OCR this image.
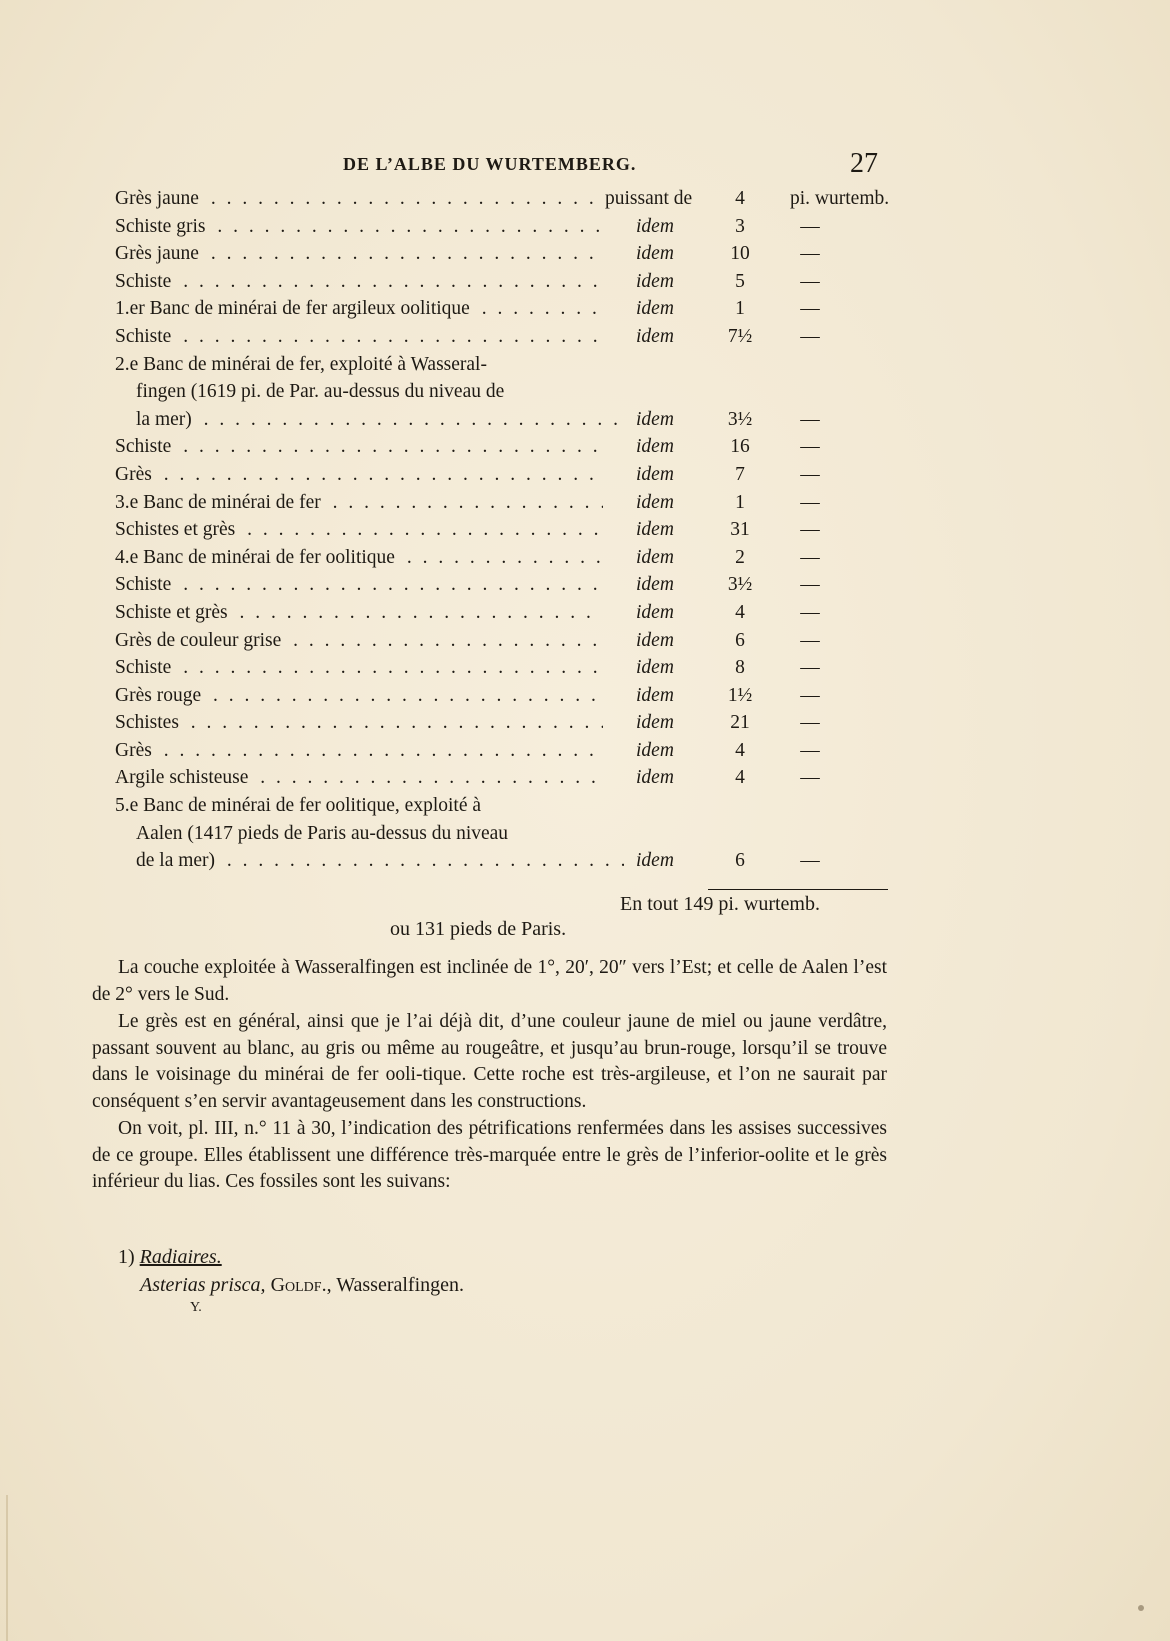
DE L’ALBE DU WURTEMBERG.	27
Grès jaune . . .	puissant de	4	pi. wurtemb.
Schiste gris . . .	idem	3	—
Grès jaune . . .	idem	10	—
Schiste . . .	idem	5	—
1.er Banc de minérai de fer argileux oolitique . . .	idem	1	—
Schiste . . .	idem	7½	—
2.e Banc de minérai de fer, exploité à Wasseral-
fingen (1619 pi. de Par. au-dessus du niveau de
la mer) . . .	idem	3½	—
Schiste . . .	idem	16	—
Grès . . .	idem	7	—
3.e Banc de minérai de fer . . .	idem	1	—
Schistes et grès . . .	idem	31	—
4.e Banc de minérai de fer oolitique . . .	idem	2	—
Schiste . . .	idem	3½	—
Schiste et grès . . .	idem	4	—
Grès de couleur grise . . .	idem	6	—
Schiste . . .	idem	8	—
Grès rouge . . .	idem	1½	—
Schistes . . .	idem	21	—
Grès . . .	idem	4	—
Argile schisteuse . . .	idem	4	—
5.e Banc de minérai de fer oolitique, exploité à
Aalen (1417 pieds de Paris au-dessus du niveau
de la mer) . . .	idem	6	—
En tout 149 pi. wurtemb.
ou 131 pieds de Paris.

La couche exploitée à Wasseralfingen est inclinée de 1°, 20′, 20″ vers l’Est; et celle de Aalen l’est de 2° vers le Sud.

Le grès est en général, ainsi que je l’ai déjà dit, d’une couleur jaune de miel ou jaune verdâtre, passant souvent au blanc, au gris ou même au rougeâtre, et jusqu’au brun-rouge, lorsqu’il se trouve dans le voisinage du minérai de fer ooli-tique. Cette roche est très-argileuse, et l’on ne saurait par conséquent s’en servir avantageusement dans les constructions.

On voit, pl. III, n.° 11 à 30, l’indication des pétrifications renfermées dans les assises successives de ce groupe. Elles établissent une différence très-marquée entre le grès de l’inferior-oolite et le grès inférieur du lias. Ces fossiles sont les suivans:

1) Radiaires.
Asterias prisca, Goldf., Wasseralfingen.
Y.
